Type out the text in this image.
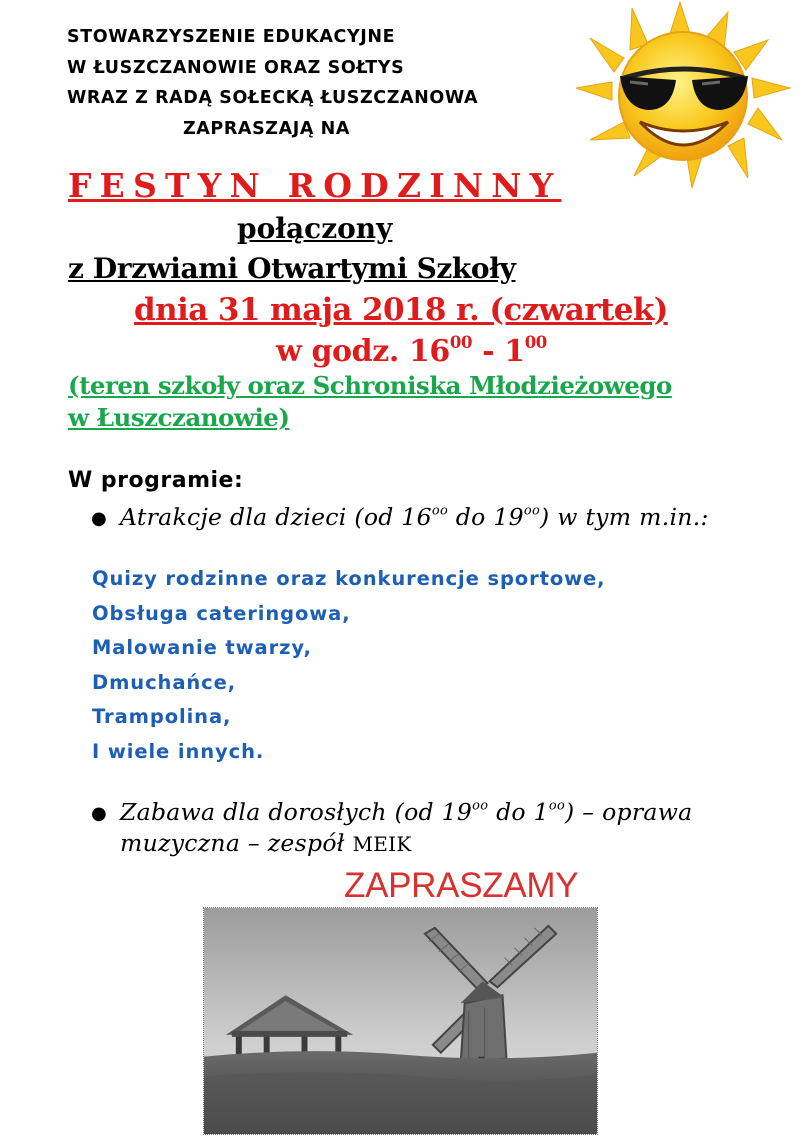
STOWARZYSZENIE EDUKACYJNE
W ŁUSZCZANOWIE ORAZ SOŁTYS
WRAZ Z RADĄ SOŁECKĄ ŁUSZCZANOWA
ZAPRASZAJĄ NA
FESTYN RODZINNY
połączony
z Drzwiami Otwartymi Szkoły
dnia 31 maja 2018 r. (czwartek)
w godz. $16^{00} - 1^{00}$
(teren szkoły oraz Schroniska Młodzieżowego
w Łuszczanowie)
W programie:
● Atrakcje dla dzieci (od $16^{oo}$ do $19^{oo}$) w tym m.in.:
Quizy rodzinne oraz konkurencje sportowe,
Obsługa cateringowa,
Malowanie twarzy,
Dmuchańce,
Trampolina,
I wiele innych.
● Zabawa dla dorosłych (od $19^{oo}$ do $1^{oo}$) – oprawa
muzyczna – zespół MEIK
ZAPRASZAMY
